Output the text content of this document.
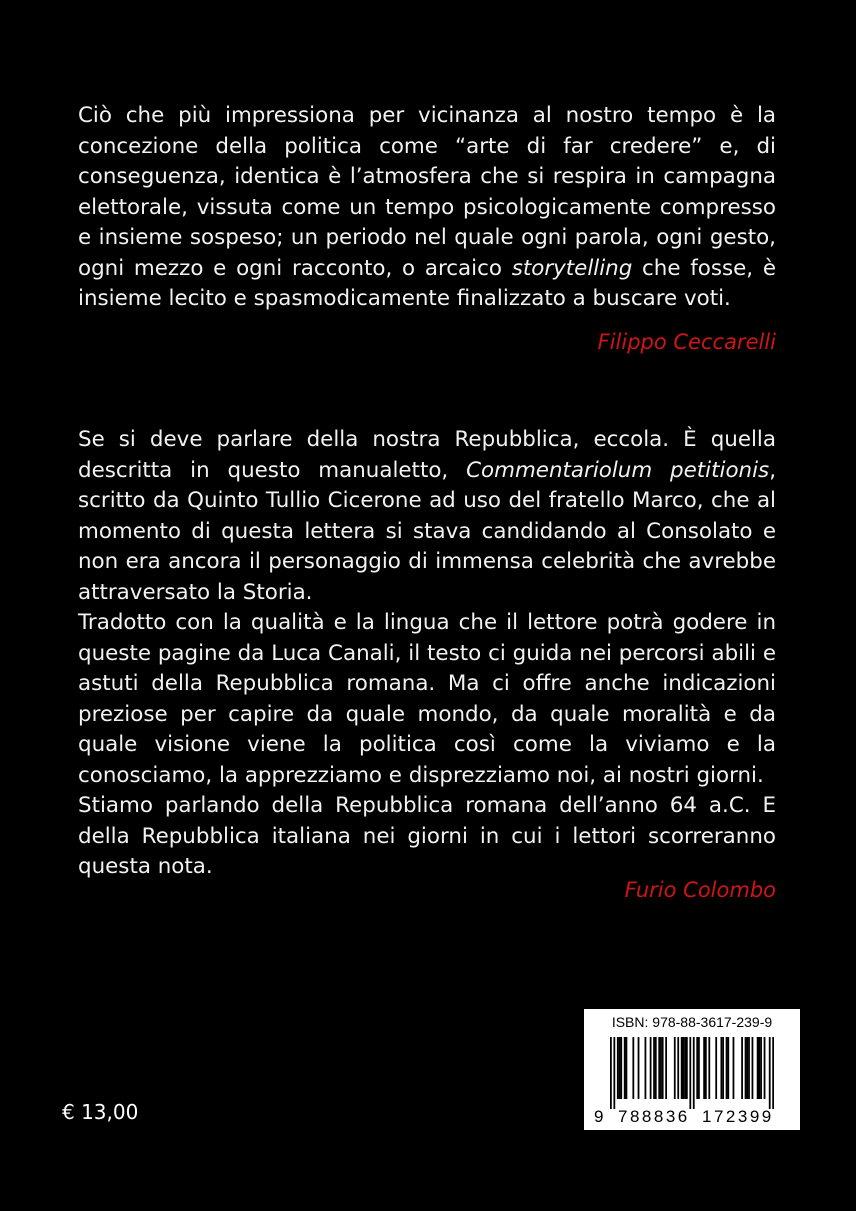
Ciò che più impressiona per vicinanza al nostro tempo è la concezione della politica come “arte di far credere” e, di conseguenza, identica è l’atmosfera che si respira in campagna elettorale, vissuta come un tempo psicologicamente compresso e insieme sospeso; un periodo nel quale ogni parola, ogni gesto, ogni mezzo e ogni racconto, o arcaico storytelling che fosse, è insieme lecito e spasmodicamente finalizzato a buscare voti.

Filippo Ceccarelli

Se si deve parlare della nostra Repubblica, eccola. È quella descritta in questo manualetto, Commentariolum petitionis, scritto da Quinto Tullio Cicerone ad uso del fratello Marco, che al momento di questa lettera si stava candidando al Consolato e non era ancora il personaggio di immensa celebrità che avrebbe attraversato la Storia.

Tradotto con la qualità e la lingua che il lettore potrà godere in queste pagine da Luca Canali, il testo ci guida nei percorsi abili e astuti della Repubblica romana. Ma ci offre anche indicazioni preziose per capire da quale mondo, da quale moralità e da quale visione viene la politica così come la viviamo e la conosciamo, la apprezziamo e disprezziamo noi, ai nostri giorni.

Stiamo parlando della Repubblica romana dell’anno 64 a.C. E della Repubblica italiana nei giorni in cui i lettori scorreranno questa nota.

Furio Colombo
€ 13,00
ISBN: 978-88-3617-239-9
9 788836 172399
